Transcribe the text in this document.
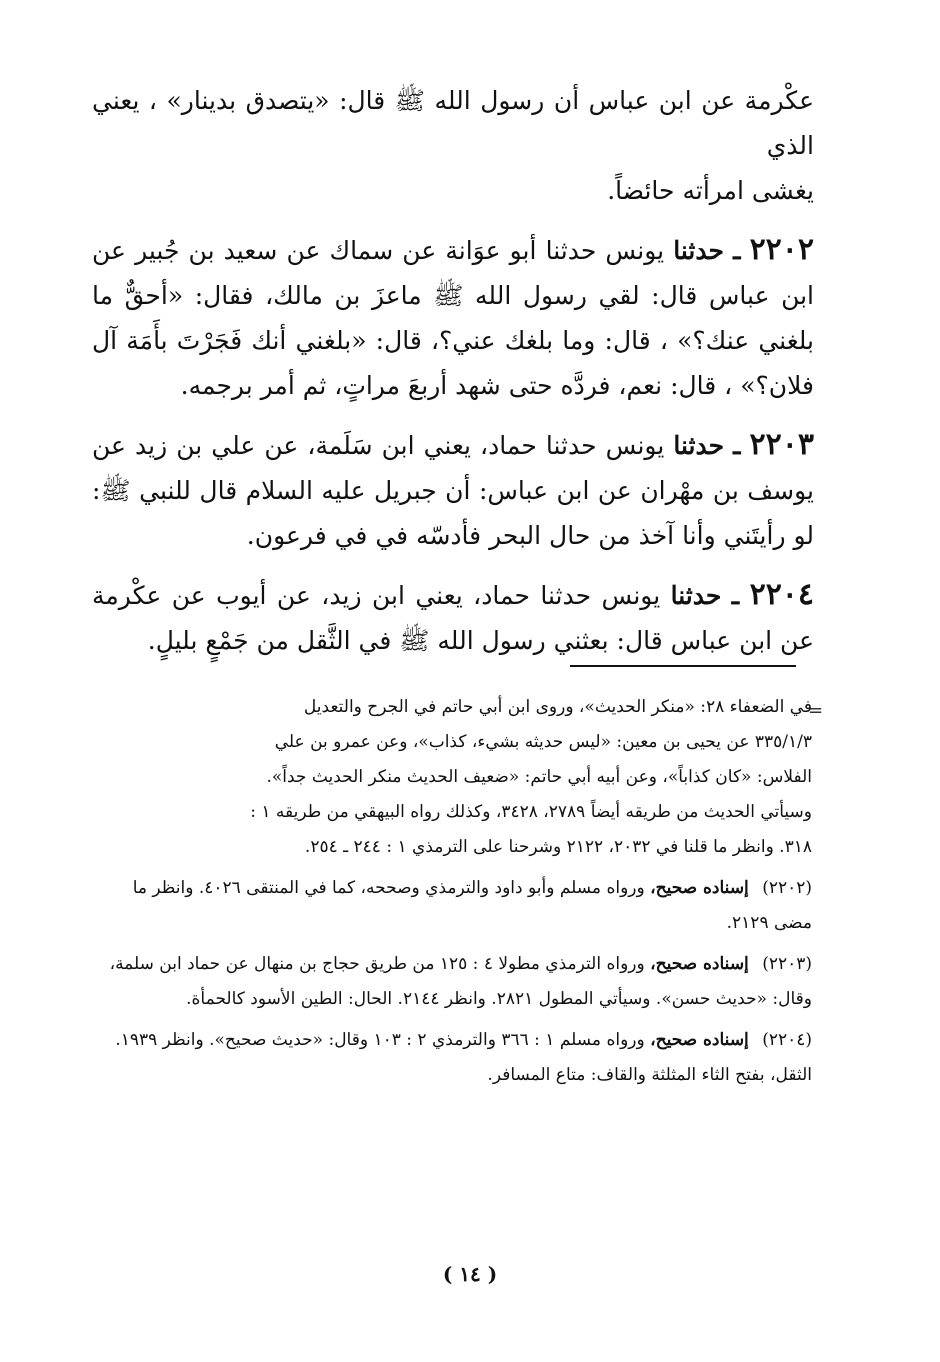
عكْرمة عن ابن عباس أن رسول الله ﷺ قال: «يتصدق بدينار» ، يعني الذي

يغشى امرأته حائضاً.

٢٢٠٢ ـ حدثنا يونس حدثنا أبو عوَانة عن سماك عن سعيد بن جُبير عن ابن عباس قال: لقي رسول الله ﷺ ماعزَ بن مالك، فقال: «أحقٌّ ما بلغني عنك؟» ، قال: وما بلغك عني؟، قال: «بلغني أنك فَجَرْتَ بأَمَة آل فلان؟» ، قال: نعم، فردَّه حتى شهد أربعَ مراتٍ، ثم أمر برجمه.

٢٢٠٣ ـ حدثنا يونس حدثنا حماد، يعني ابن سَلَمة، عن علي بن زيد عن يوسف بن مهْران عن ابن عباس: أن جبريل عليه السلام قال للنبي ﷺ: لو رأيتَني وأنا آخذ من حال البحر فأدسّه في في فرعون.

٢٢٠٤ ـ حدثنا يونس حدثنا حماد، يعني ابن زيد، عن أيوب عن عكْرمة عن ابن عباس قال: بعثني رسول الله ﷺ في الثَّقل من جَمْعٍ بليلٍ.

=
في الضعفاء ٢٨: «منكر الحديث»، وروى ابن أبي حاتم في الجرح والتعديل
٣٣٥/١/٣ عن يحيى بن معين: «ليس حديثه بشيء، كذاب»، وعن عمرو بن علي
الفلاس: «كان كذاباً»، وعن أبيه أبي حاتم: «ضعيف الحديث منكر الحديث جداً».
وسيأتي الحديث من طريقه أيضاً ٢٧٨٩، ٣٤٢٨، وكذلك رواه البيهقي من طريقه ١ :
٣١٨. وانظر ما قلنا في ٢٠٣٢، ٢١٢٢ وشرحنا على الترمذي ١ : ٢٤٤ ـ ٢٥٤.
(٢٢٠٢) إسناده صحيح، ورواه مسلم وأبو داود والترمذي وصححه، كما في المنتقى ٤٠٢٦. وانظر ما مضى ٢١٢٩.
(٢٢٠٣) إسناده صحيح، ورواه الترمذي مطولا ٤ : ١٢٥ من طريق حجاج بن منهال عن حماد ابن سلمة، وقال: «حديث حسن». وسيأتي المطول ٢٨٢١. وانظر ٢١٤٤. الحال: الطين الأسود كالحمأة.
(٢٢٠٤) إسناده صحيح، ورواه مسلم ١ : ٣٦٦ والترمذي ٢ : ١٠٣ وقال: «حديث صحيح». وانظر ١٩٣٩. الثقل، بفتح الثاء المثلثة والقاف: متاع المسافر.
( ١٤ )
